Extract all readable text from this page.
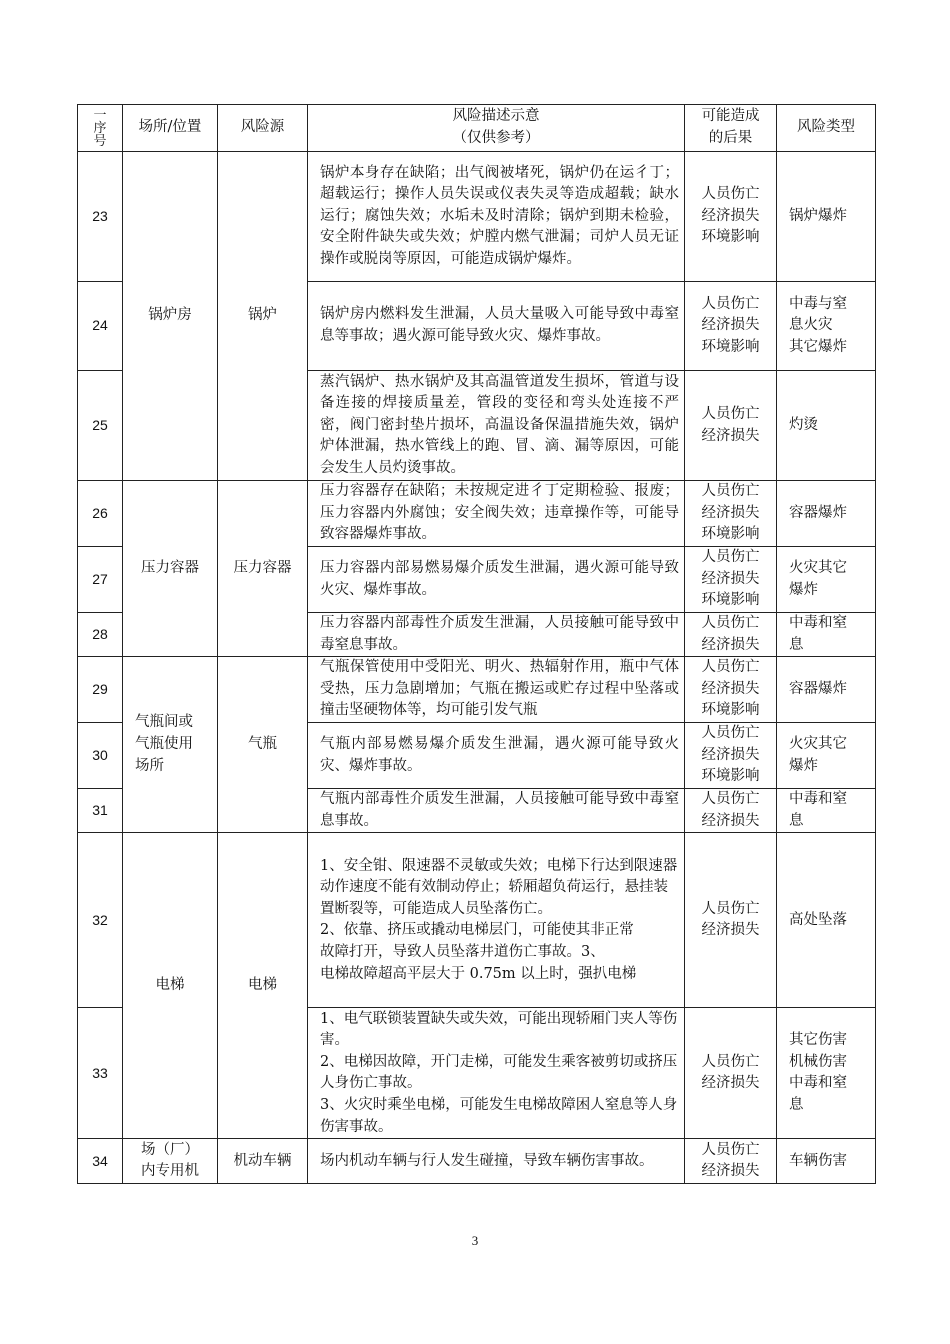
一
序
号	场所/位置	风险源	风险描述示意
（仅供参考）	可能造成
的后果	风险类型
23	锅炉房	锅炉	锅炉本身存在缺陷；出气阀被堵死，锅炉仍在运彳丁；超载运行；操作人员失误或仪表失灵等造成超载；缺水运行；腐蚀失效；水垢未及时清除；锅炉到期未检验，安全附件缺失或失效；炉膛内燃气泄漏；司炉人员无证操作或脱岗等原因，可能造成锅炉爆炸。	人员伤亡
经济损失
环境影响	锅炉爆炸
24			锅炉房内燃料发生泄漏，人员大量吸入可能导致中毒窒息等事故；遇火源可能导致火灾、爆炸事故。	人员伤亡
经济损失
环境影响	中毒与窒
息火灾
其它爆炸
25			蒸汽锅炉、热水锅炉及其高温管道发生损坏，管道与设备连接的焊接质量差，管段的变径和弯头处连接不严密，阀门密封垫片损坏，高温设备保温措施失效，锅炉炉体泄漏，热水管线上的跑、冒、滴、漏等原因，可能会发生人员灼烫事故。	人员伤亡
经济损失	灼烫
26	压力容器	压力容器	压力容器存在缺陷；未按规定进彳丁定期检验、报废；压力容器内外腐蚀；安全阀失效；违章操作等，可能导致容器爆炸事故。	人员伤亡
经济损失
环境影响	容器爆炸
27			压力容器内部易燃易爆介质发生泄漏，遇火源可能导致火灾、爆炸事故。	人员伤亡
经济损失
环境影响	火灾其它
爆炸
28			压力容器内部毒性介质发生泄漏，人员接触可能导致中毒窒息事故。	人员伤亡
经济损失	中毒和窒
息
29	气瓶间或
气瓶使用
场所	气瓶	气瓶保管使用中受阳光、明火、热辐射作用，瓶中气体受热，压力急剧增加；气瓶在搬运或贮存过程中坠落或撞击坚硬物体等，均可能引发气瓶	人员伤亡
经济损失
环境影响	容器爆炸
30			气瓶内部易燃易爆介质发生泄漏，遇火源可能导致火灾、爆炸事故。	人员伤亡
经济损失
环境影响	火灾其它
爆炸
31			气瓶内部毒性介质发生泄漏，人员接触可能导致中毒窒息事故。	人员伤亡
经济损失	中毒和窒
息
32	电梯	电梯	1、安全钳、限速器不灵敏或失效；电梯下行达到限速器动作速度不能有效制动停止；轿厢超负荷运行，悬挂装置断裂等，可能造成人员坠落伤亡。
2、依靠、挤压或撬动电梯层门，可能使其非正常
故障打开，导致人员坠落井道伤亡事故。3、
电梯故障超高平层大于 0.75m 以上时，强扒电梯	人员伤亡
经济损失	高处坠落
33			1、电气联锁装置缺失或失效，可能出现轿厢门夹人等伤害。
2、电梯因故障，开门走梯，可能发生乘客被剪切或挤压人身伤亡事故。
3、火灾时乘坐电梯，可能发生电梯故障困人窒息等人身伤害事故。	人员伤亡
经济损失	其它伤害
机械伤害
中毒和窒
息
34	场（厂）
内专用机	机动车辆	场内机动车辆与行人发生碰撞，导致车辆伤害事故。	人员伤亡
经济损失	车辆伤害
3
